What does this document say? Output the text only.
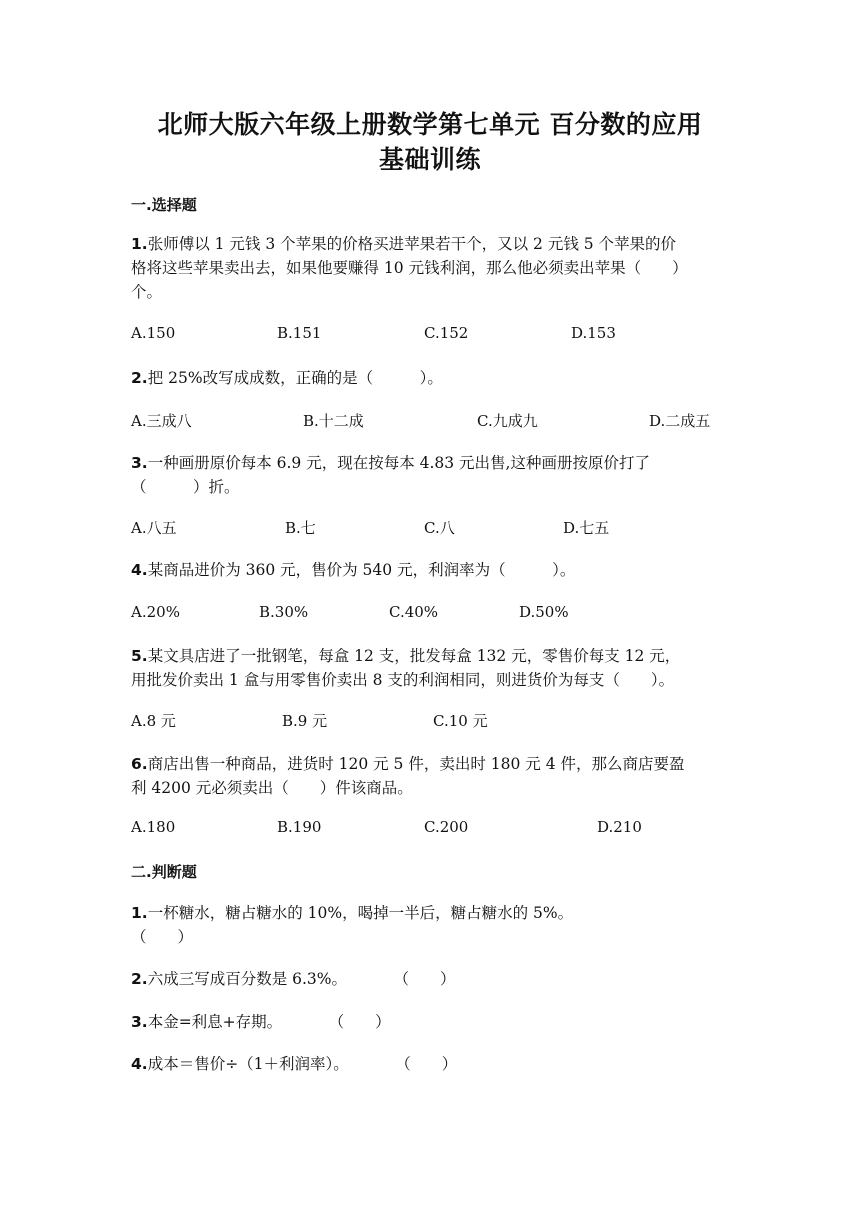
北师大版六年级上册数学第七单元 百分数的应用
基础训练
一.选择题
1.张师傅以 1 元钱 3 个苹果的价格买进苹果若干个，又以 2 元钱 5 个苹果的价
格将这些苹果卖出去，如果他要赚得 10 元钱利润，那么他必须卖出苹果（　　）
个。
A.150	B.151	C.152	D.153
2.把 25%改写成成数，正确的是（　　　）。
A.三成八	B.十二成	C.九成九	D.二成五
3.一种画册原价每本 6.9 元，现在按每本 4.83 元出售,这种画册按原价打了
（　　　）折。
A.八五	B.七	C.八	D.七五
4.某商品进价为 360 元，售价为 540 元，利润率为（　　　）。
A.20%	B.30%	C.40%	D.50%
5.某文具店进了一批钢笔，每盒 12 支，批发每盒 132 元，零售价每支 12 元，
用批发价卖出 1 盒与用零售价卖出 8 支的利润相同，则进货价为每支（　　）。
A.8 元	B.9 元	C.10 元
6.商店出售一种商品，进货时 120 元 5 件，卖出时 180 元 4 件，那么商店要盈
利 4200 元必须卖出（　　）件该商品。
A.180	B.190	C.200	D.210
二.判断题
1.一杯糖水，糖占糖水的 10%，喝掉一半后，糖占糖水的 5%。
（　　）
2.六成三写成百分数是 6.3%。　　　　（　　）
3.本金=利息+存期。　　　　（　　）
4.成本＝售价÷（1＋利润率）。　　　　（　　）
